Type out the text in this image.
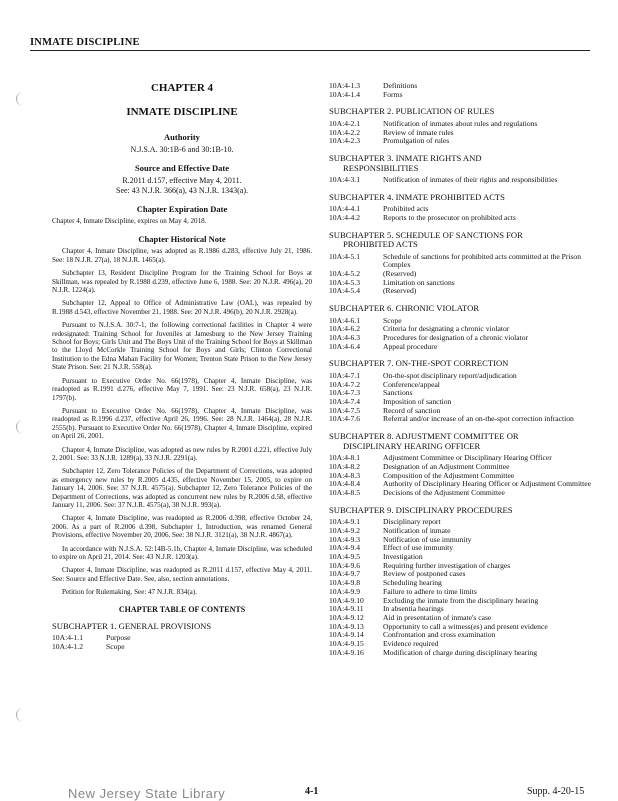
INMATE DISCIPLINE
CHAPTER 4
INMATE DISCIPLINE
Authority
N.J.S.A. 30:1B-6 and 30:1B-10.
Source and Effective Date
R.2011 d.157, effective May 4, 2011.
See: 43 N.J.R. 366(a), 43 N.J.R. 1343(a).
Chapter Expiration Date
Chapter 4, Inmate Discipline, expires on May 4, 2018.
Chapter Historical Note
Chapter 4, Inmate Discipline, was adopted as R.1986 d.283, effective July 21, 1986. See: 18 N.J.R. 27(a), 18 N.J.R. 1465(a).
Subchapter 13, Resident Discipline Program for the Training School for Boys at Skillman, was repealed by R.1988 d.239, effective June 6, 1988. See: 20 N.J.R. 496(a), 20 N.J.R. 1224(a).
Subchapter 12, Appeal to Office of Administrative Law (OAL), was repealed by R.1988 d.543, effective November 21, 1988. See: 20 N.J.R. 496(b), 20 N.J.R. 2928(a).
Pursuant to N.J.S.A. 30:7-1, the following correctional facilities in Chapter 4 were redesignated: Training School for Juveniles at Jamesburg to the New Jersey Training School for Boys; Girls Unit and The Boys Unit of the Training School for Boys at Skillman to the Lloyd McCorkle Training School for Boys and Girls; Clinton Correctional Institution to the Edna Mahan Facility for Women; Trenton State Prison to the New Jersey State Prison. See: 21 N.J.R. 558(a).
Pursuant to Executive Order No. 66(1978), Chapter 4, Inmate Discipline, was readopted as R.1991 d.276, effective May 7, 1991. See: 23 N.J.R. 658(a), 23 N.J.R. 1797(b).
Pursuant to Executive Order No. 66(1978), Chapter 4, Inmate Discipline, was readopted as R.1996 d.237, effective April 26, 1996. See: 28 N.J.R. 1464(a), 28 N.J.R. 2555(b). Pursuant to Executive Order No. 66(1978), Chapter 4, Inmate Discipline, expired on April 26, 2001.
Chapter 4, Inmate Discipline, was adopted as new rules by R.2001 d.221, effective July 2, 2001. See: 33 N.J.R. 1289(a), 33 N.J.R. 2291(a).
Subchapter 12, Zero Tolerance Policies of the Department of Corrections, was adopted as emergency new rules by R.2005 d.435, effective November 15, 2005, to expire on January 14, 2006. See: 37 N.J.R. 4575(a). Subchapter 12, Zero Tolerance Policies of the Department of Corrections, was adopted as concurrent new rules by R.2006 d.58, effective January 11, 2006. See: 37 N.J.R. 4575(a), 38 N.J.R. 993(a).
Chapter 4, Inmate Discipline, was readopted as R.2006 d.398, effective October 24, 2006. As a part of R.2006 d.398, Subchapter 1, Introduction, was renamed General Provisions, effective November 20, 2006. See: 38 N.J.R. 3121(a), 38 N.J.R. 4867(a).
In accordance with N.J.S.A. 52:14B-5.1b, Chapter 4, Inmate Discipline, was scheduled to expire on April 21, 2014. See: 43 N.J.R. 1203(a).
Chapter 4, Inmate Discipline, was readopted as R.2011 d.157, effective May 4, 2011. See: Source and Effective Date. See, also, section annotations.
Petition for Rulemaking. See: 47 N.J.R. 834(a).
CHAPTER TABLE OF CONTENTS
SUBCHAPTER 1. GENERAL PROVISIONS
10A:4-1.1	Purpose
10A:4-1.2	Scope
10A:4-1.3	Definitions
10A:4-1.4	Forms
SUBCHAPTER 2. PUBLICATION OF RULES
10A:4-2.1	Notification of inmates about rules and regulations
10A:4-2.2	Review of inmate rules
10A:4-2.3	Promulgation of rules
SUBCHAPTER 3. INMATE RIGHTS AND
RESPONSIBILITIES
10A:4-3.1	Notification of inmates of their rights and responsibilities
SUBCHAPTER 4. INMATE PROHIBITED ACTS
10A:4-4.1	Prohibited acts
10A:4-4.2	Reports to the prosecutor on prohibited acts
SUBCHAPTER 5. SCHEDULE OF SANCTIONS FOR
PROHIBITED ACTS
10A:4-5.1	Schedule of sanctions for prohibited acts committed at the Prison Complex
10A:4-5.2	(Reserved)
10A:4-5.3	Limitation on sanctions
10A:4-5.4	(Reserved)
SUBCHAPTER 6. CHRONIC VIOLATOR
10A:4-6.1	Scope
10A:4-6.2	Criteria for designating a chronic violator
10A:4-6.3	Procedures for designation of a chronic violator
10A:4-6.4	Appeal procedure
SUBCHAPTER 7. ON-THE-SPOT CORRECTION
10A:4-7.1	On-the-spot disciplinary report/adjudication
10A:4-7.2	Conference/appeal
10A:4-7.3	Sanctions
10A:4-7.4	Imposition of sanction
10A:4-7.5	Record of sanction
10A:4-7.6	Referral and/or increase of an on-the-spot correction infraction
SUBCHAPTER 8. ADJUSTMENT COMMITTEE OR
DISCIPLINARY HEARING OFFICER
10A:4-8.1	Adjustment Committee or Disciplinary Hearing Officer
10A:4-8.2	Designation of an Adjustment Committee
10A:4-8.3	Composition of the Adjustment Committee
10A:4-8.4	Authority of Disciplinary Hearing Officer or Adjustment Committee
10A:4-8.5	Decisions of the Adjustment Committee
SUBCHAPTER 9. DISCIPLINARY PROCEDURES
10A:4-9.1	Disciplinary report
10A:4-9.2	Notification of inmate
10A:4-9.3	Notification of use immunity
10A:4-9.4	Effect of use immunity
10A:4-9.5	Investigation
10A:4-9.6	Requiring further investigation of charges
10A:4-9.7	Review of postponed cases
10A:4-9.8	Scheduling hearing
10A:4-9.9	Failure to adhere to time limits
10A:4-9.10	Excluding the inmate from the disciplinary hearing
10A:4-9.11	In absentia hearings
10A:4-9.12	Aid in presentation of inmate's case
10A:4-9.13	Opportunity to call a witness(es) and present evidence
10A:4-9.14	Confrontation and cross examination
10A:4-9.15	Evidence required
10A:4-9.16	Modification of charge during disciplinary hearing
New Jersey State Library	4-1	Supp. 4-20-15
